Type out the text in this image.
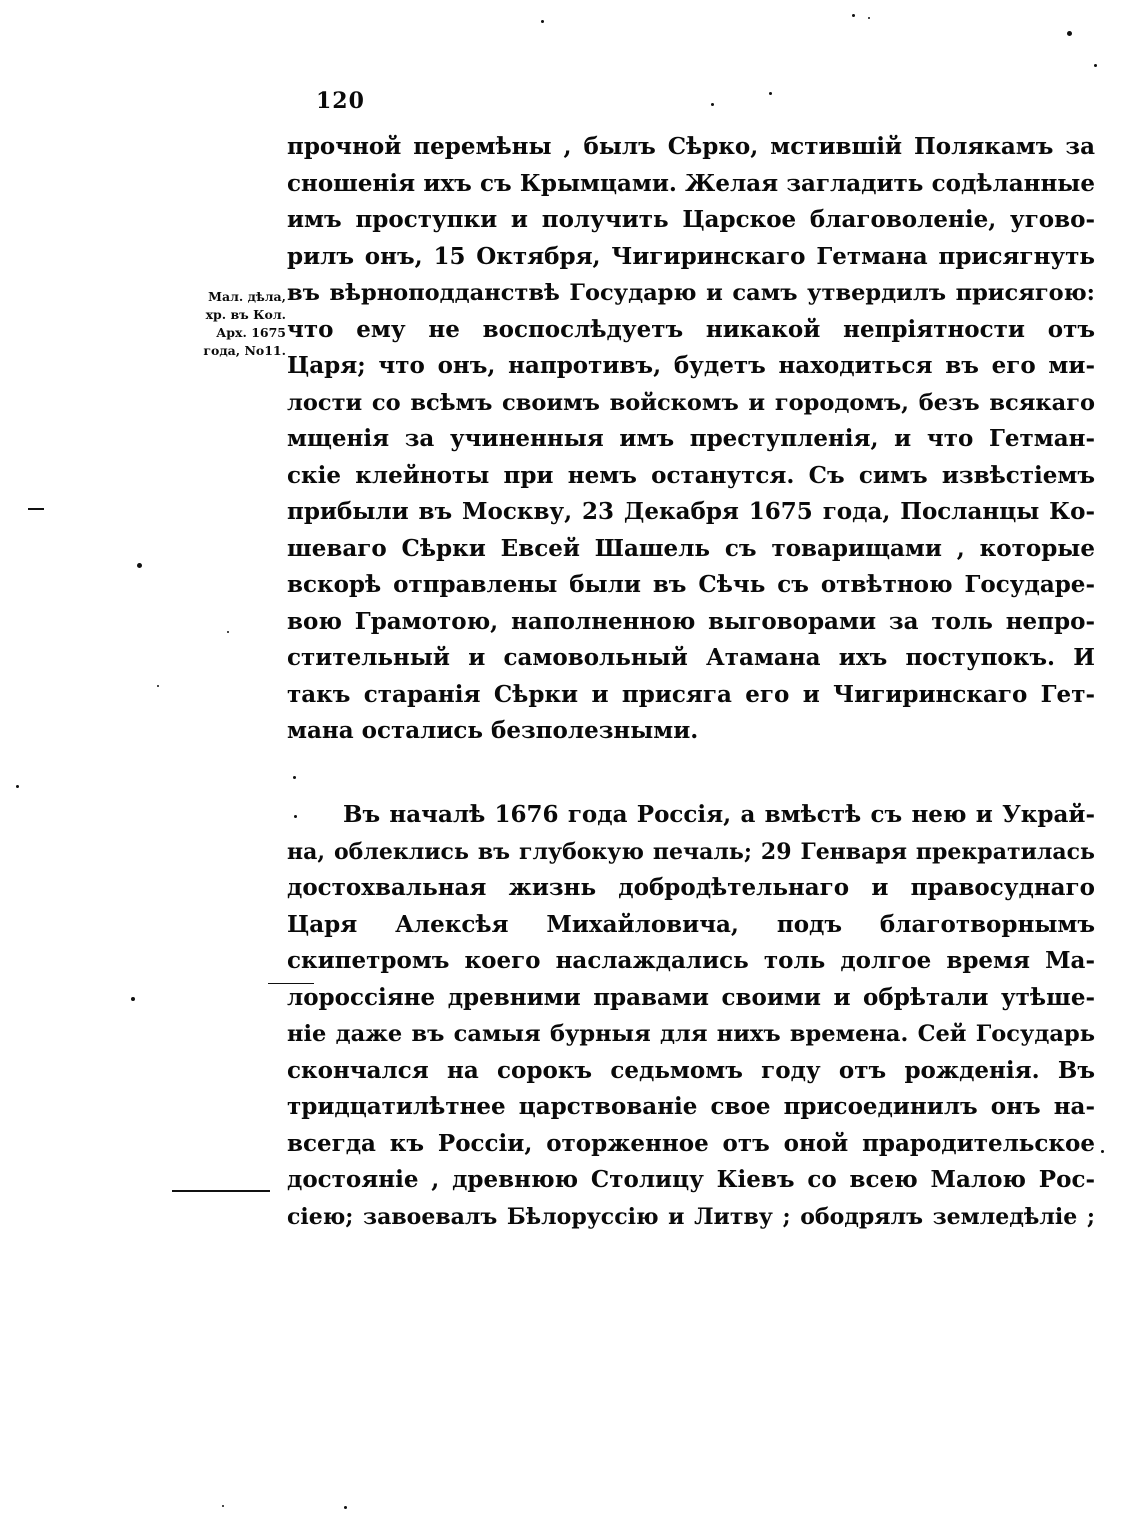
120
Мал. дѣла,
хр. въ Кол.
Арх. 1675
года, No11.
прочной перемѣны , былъ Сѣрко, мстившій Полякамъ за
сношенія ихъ съ Крымцами. Желая загладить содѣланные
имъ проступки и получить Царское благоволеніе, угово-
рилъ онъ, 15 Октября, Чигиринскаго Гетмана присягнуть
въ вѣрноподданствѣ Государю и самъ утвердилъ присягою:
что ему не воспослѣдуетъ никакой непріятности отъ
Царя; что онъ, напротивъ, будетъ находиться въ его ми-
лости со всѣмъ своимъ войскомъ и городомъ, безъ всякаго
мщенія за учиненныя имъ преступленія, и что Гетман-
скіе клейноты при немъ останутся. Съ симъ извѣстіемъ
прибыли въ Москву, 23 Декабря 1675 года, Посланцы Ко-
шеваго Сѣрки Евсей Шашель съ товарищами , которые
вскорѣ отправлены были въ Сѣчь съ отвѣтною Государе-
вою Грамотою, наполненною выговорами за толь непро-
стительный и самовольный Атамана ихъ поступокъ. И
такъ старанія Сѣрки и присяга его и Чигиринскаго Гет-
мана остались безполезными.
Въ началѣ 1676 года Россія, а вмѣстѣ съ нею и Украй-
на, облеклись въ глубокую печаль; 29 Генваря прекратилась
достохвальная жизнь добродѣтельнаго и правосуднаго
Царя Алексѣя Михайловича, подъ благотворнымъ
скипетромъ коего наслаждались толь долгое время Ма-
лороссіяне древними правами своими и обрѣтали утѣше-
ніе даже въ самыя бурныя для нихъ времена. Сей Государь
скончался на сорокъ седьмомъ году отъ рожденія. Въ
тридцатилѣтнее царствованіе свое присоединилъ онъ на-
всегда къ Россіи, оторженное отъ оной прародительское
достояніе , древнюю Столицу Кіевъ со всею Малою Рос-
сіею; завоевалъ Бѣлоруссію и Литву ; ободрялъ земледѣліе ;
